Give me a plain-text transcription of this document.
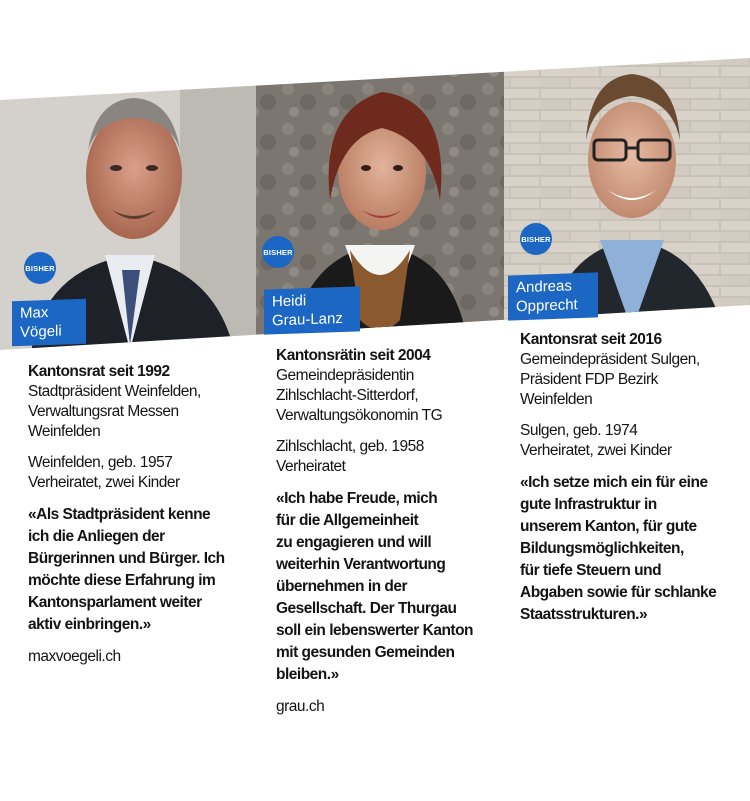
BISHER
BISHER
BISHER
Max
Vögeli
Heidi
Grau-Lanz
Andreas
Opprecht

Kantonsrat seit 1992

Stadtpräsident Weinfelden,

Verwaltungsrat Messen

Weinfelden

Weinfelden, geb. 1957

Verheiratet, zwei Kinder

«Als Stadtpräsident kenne

ich die Anliegen der

Bürgerinnen und Bürger. Ich

möchte diese Erfahrung im

Kantonsparlament weiter

aktiv einbringen.»

maxvoegeli.ch

Kantonsrätin seit 2004

Gemeindepräsidentin

Zihlschlacht-Sitterdorf,

Verwaltungsökonomin TG

Zihlschlacht, geb. 1958

Verheiratet

«Ich habe Freude, mich

für die Allgemeinheit

zu engagieren und will

weiterhin Verantwortung

übernehmen in der

Gesellschaft. Der Thurgau

soll ein lebenswerter Kanton

mit gesunden Gemeinden

bleiben.»

grau.ch

Kantonsrat seit 2016

Gemeindepräsident Sulgen,

Präsident FDP Bezirk

Weinfelden

Sulgen, geb. 1974

Verheiratet, zwei Kinder

«Ich setze mich ein für eine

gute Infrastruktur in

unserem Kanton, für gute

Bildungsmöglichkeiten,

für tiefe Steuern und

Abgaben sowie für schlanke

Staatsstrukturen.»
